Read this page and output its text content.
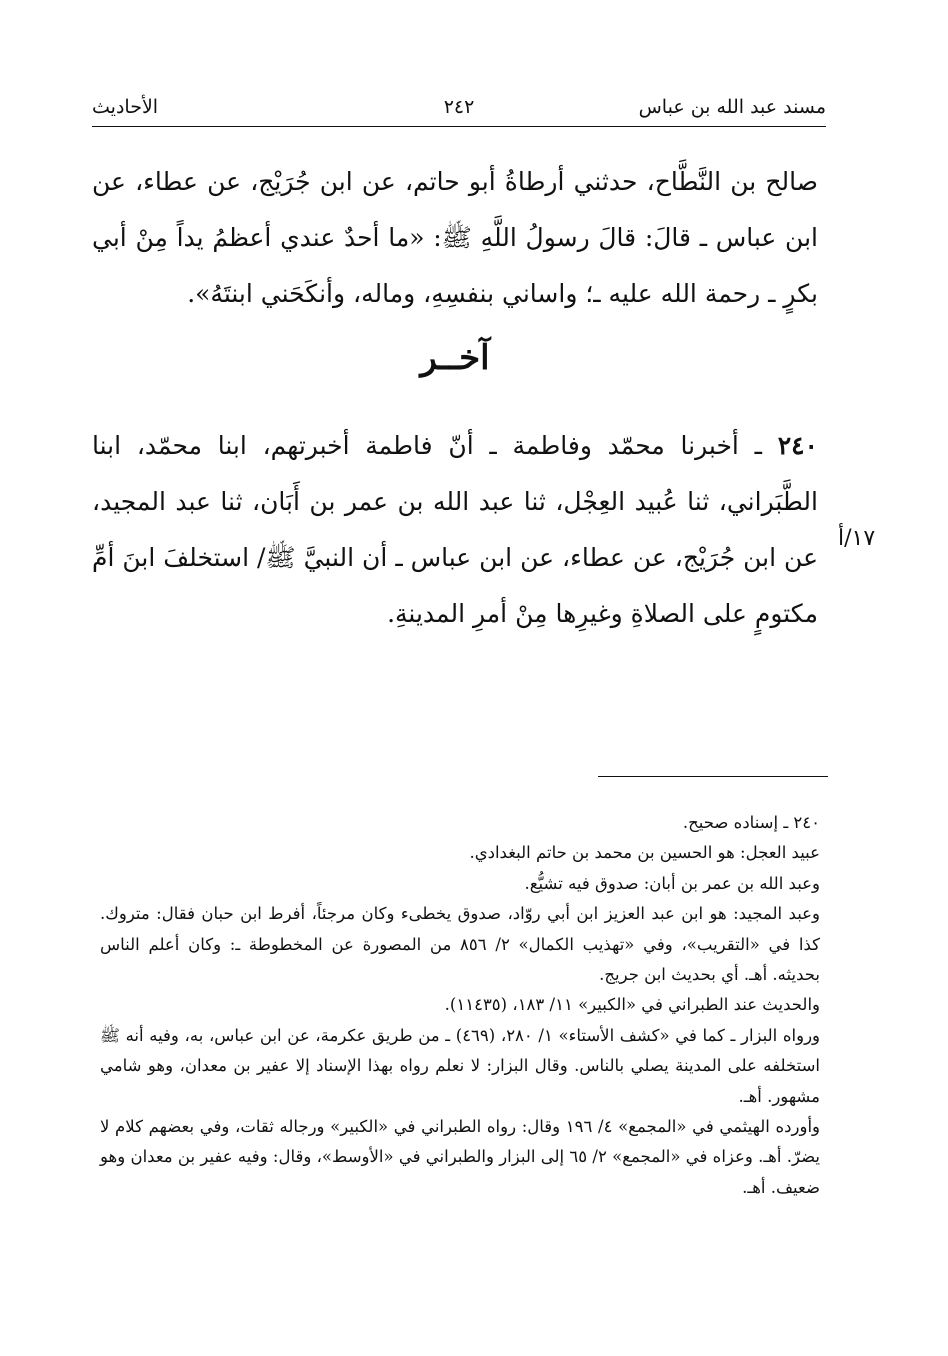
مسند عبد الله بن عباس
٢٤٢
الأحاديث
صالح بن النَّطَّاح، حدثني أرطاةُ أبو حاتم، عن ابن جُرَيْج، عن عطاء، عن ابن عباس ـ قالَ: قالَ رسولُ اللَّهِ ﷺ: «ما أحدٌ عندي أعظمُ يداً مِنْ أبي بكرٍ ـ رحمة الله عليه ـ؛ واساني بنفسِهِ، وماله، وأنكَحَني ابنتَهُ».
آخــر
٢٤٠ ـ أخبرنا محمّد وفاطمة ـ أنّ فاطمة أخبرتهم، ابنا محمّد، ابنا الطَّبَراني، ثنا عُبيد العِجْل، ثنا عبد الله بن عمر بن أَبَان، ثنا عبد المجيد، عن ابن جُرَيْج، عن عطاء، عن ابن عباس ـ أن النبيَّ ﷺ/ استخلفَ ابنَ أمِّ مكتومٍ على الصلاةِ وغيرِها مِنْ أمرِ المدينةِ.
١٧/أ

٢٤٠ ـ إسناده صحيح.

عبيد العجل: هو الحسين بن محمد بن حاتم البغدادي.

وعبد الله بن عمر بن أبان: صدوق فيه تشيُّع.

وعبد المجيد: هو ابن عبد العزيز ابن أبي روّاد، صدوق يخطىء وكان مرجئاً، أفرط ابن حبان فقال: متروك. كذا في «التقريب»، وفي «تهذيب الكمال» ٢/ ٨٥٦ من المصورة عن المخطوطة ـ: وكان أعلم الناس بحديثه. أهـ. أي بحديث ابن جريج.

والحديث عند الطبراني في «الكبير» ١١/ ١٨٣، (١١٤٣٥).

ورواه البزار ـ كما في «كشف الأستاء» ١/ ٢٨٠، (٤٦٩) ـ من طريق عكرمة، عن ابن عباس، به، وفيه أنه ﷺ استخلفه على المدينة يصلي بالناس. وقال البزار: لا نعلم رواه بهذا الإسناد إلا عفير بن معدان، وهو شامي مشهور. أهـ.

وأورده الهيثمي في «المجمع» ٤/ ١٩٦ وقال: رواه الطبراني في «الكبير» ورجاله ثقات، وفي بعضهم كلام لا يضرّ. أهـ. وعزاه في «المجمع» ٢/ ٦٥ إلى البزار والطبراني في «الأوسط»، وقال: وفيه عفير بن معدان وهو ضعيف. أهـ.
